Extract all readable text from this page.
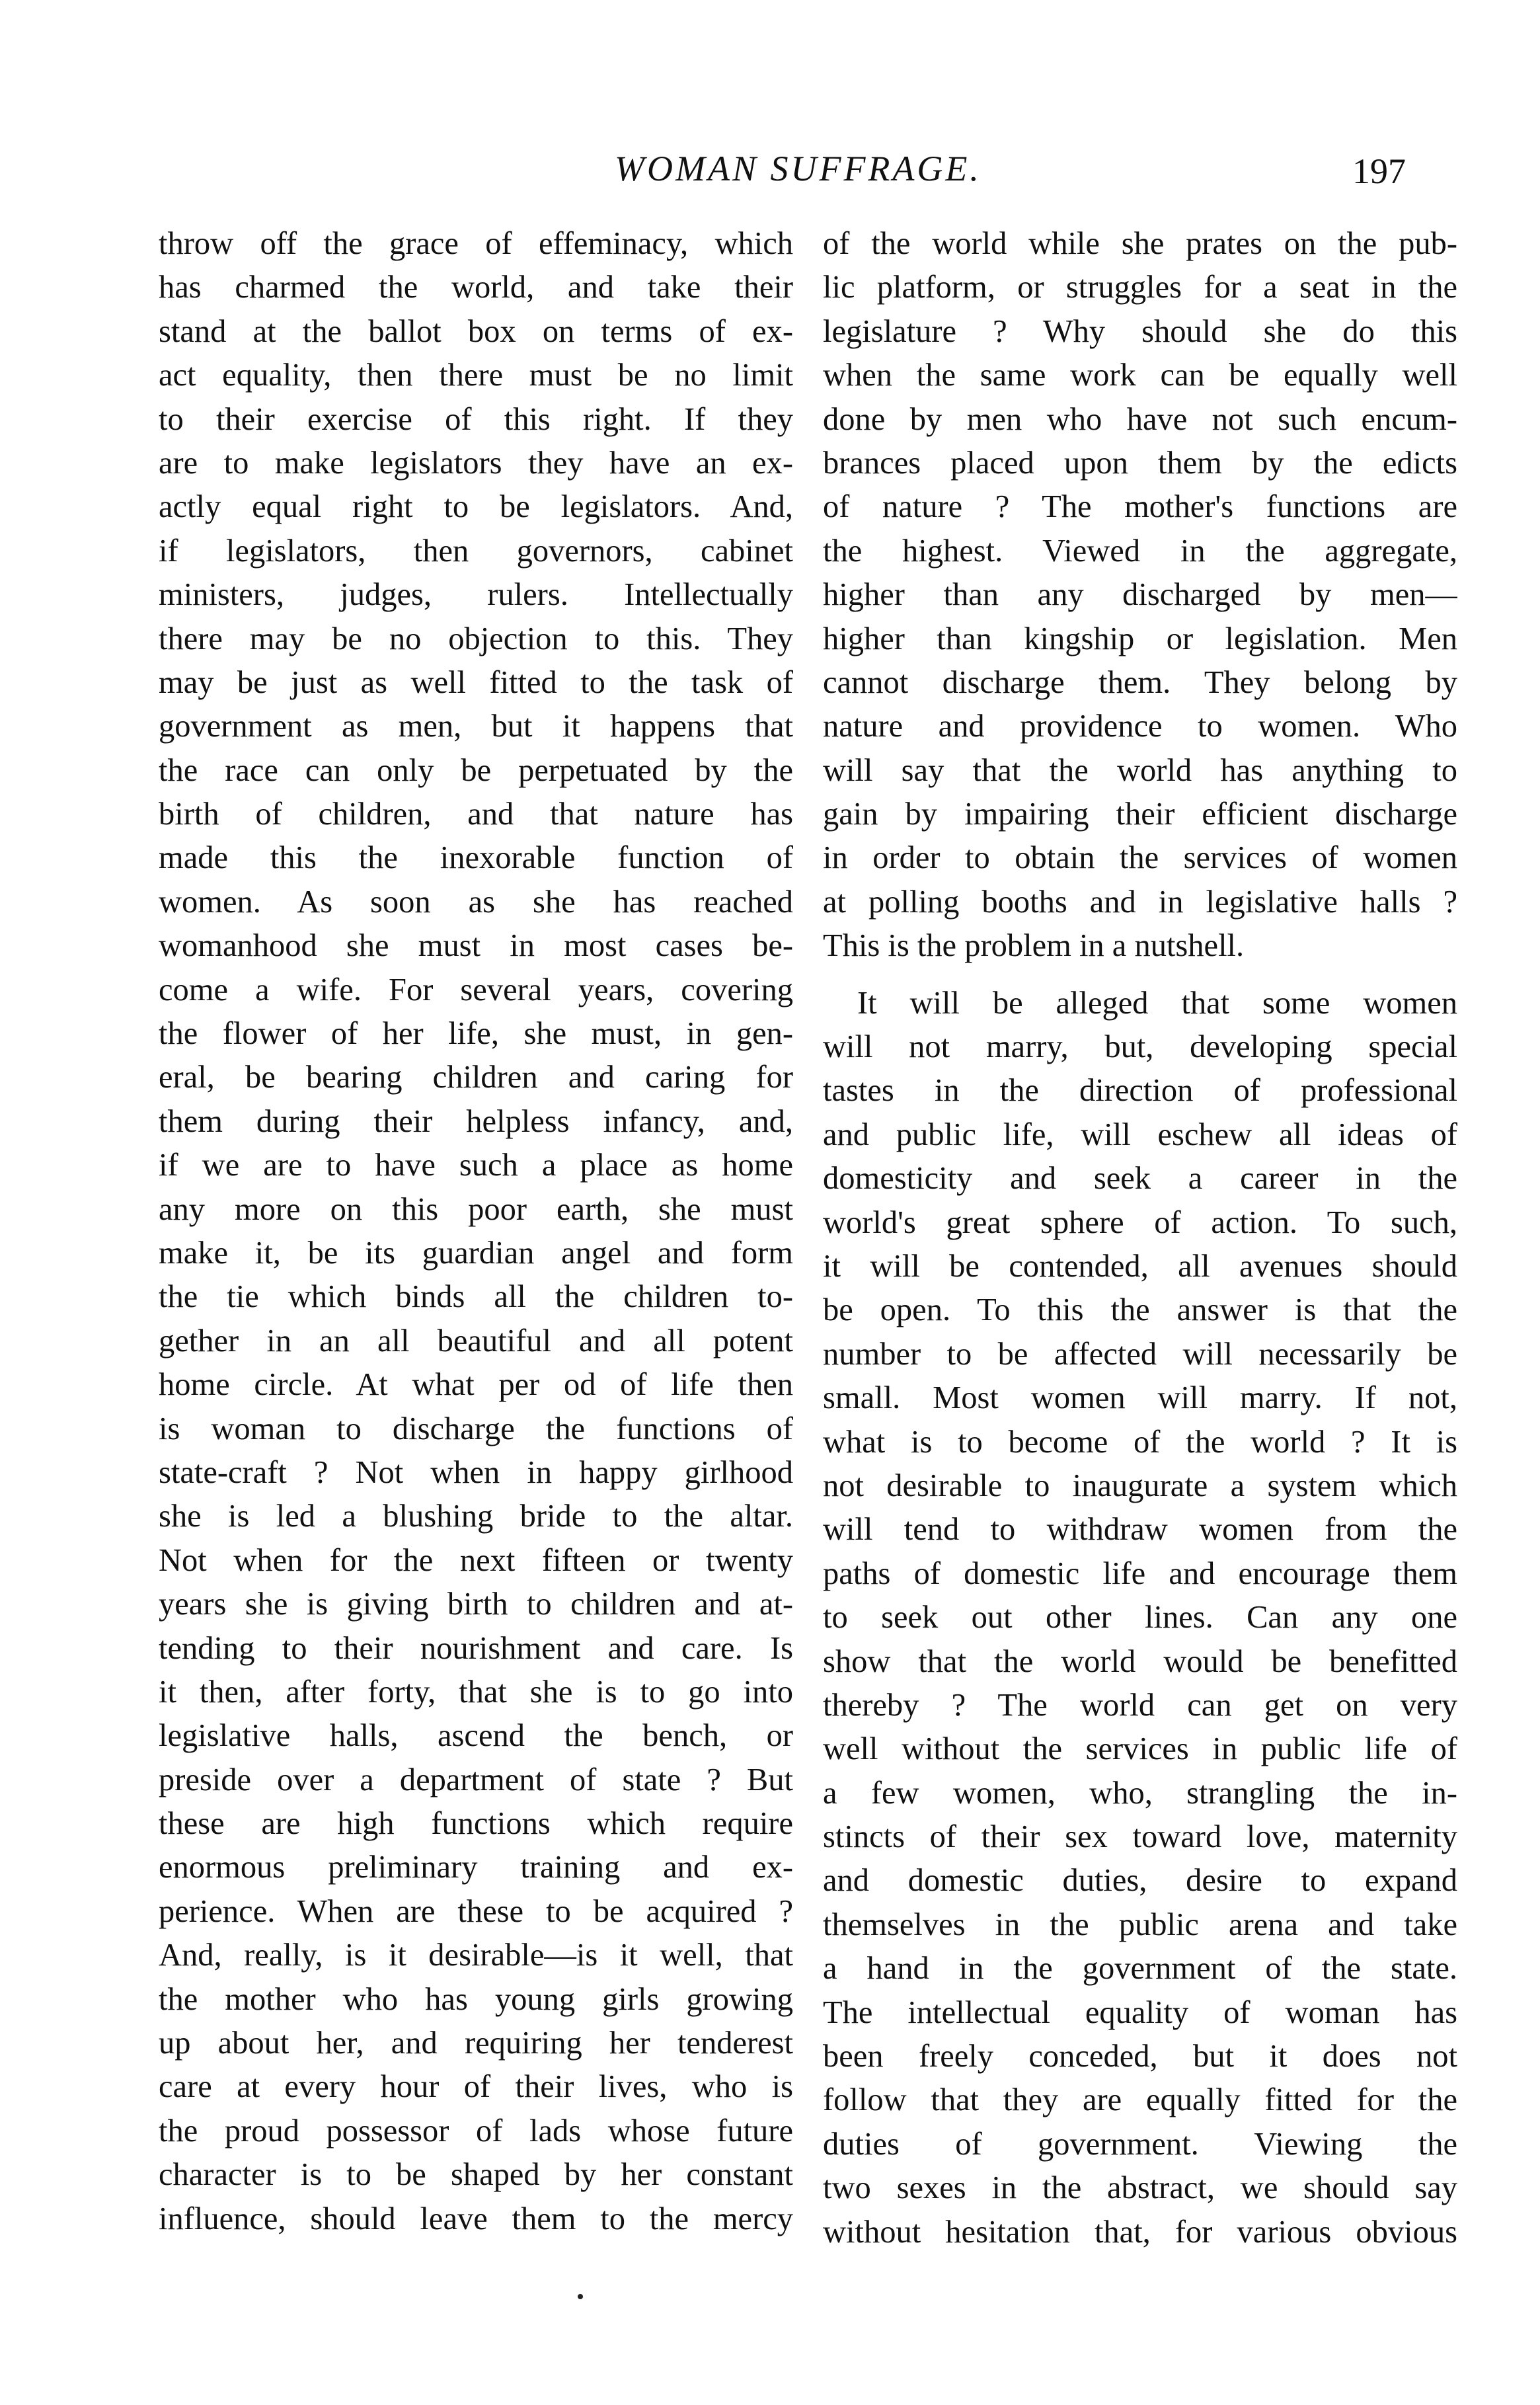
WOMAN SUFFRAGE.	197
throw off the grace of effeminacy, which
has charmed the world, and take their
stand at the ballot box on terms of ex-
act equality, then there must be no limit
to their exercise of this right. If they
are to make legislators they have an ex-
actly equal right to be legislators. And,
if legislators, then governors, cabinet
ministers, judges, rulers. Intellectually
there may be no objection to this. They
may be just as well fitted to the task of
government as men, but it happens that
the race can only be perpetuated by the
birth of children, and that nature has
made this the inexorable function of
women. As soon as she has reached
womanhood she must in most cases be-
come a wife. For several years, covering
the flower of her life, she must, in gen-
eral, be bearing children and caring for
them during their helpless infancy, and,
if we are to have such a place as home
any more on this poor earth, she must
make it, be its guardian angel and form
the tie which binds all the children to-
gether in an all beautiful and all potent
home circle. At what per od of life then
is woman to discharge the functions of
state-craft ? Not when in happy girlhood
she is led a blushing bride to the altar.
Not when for the next fifteen or twenty
years she is giving birth to children and at-
tending to their nourishment and care. Is
it then, after forty, that she is to go into
legislative halls, ascend the bench, or
preside over a department of state ? But
these are high functions which require
enormous preliminary training and ex-
perience. When are these to be acquired ?
And, really, is it desirable—is it well, that
the mother who has young girls growing
up about her, and requiring her tenderest
care at every hour of their lives, who is
the proud possessor of lads whose future
character is to be shaped by her constant
influence, should leave them to the mercy
of the world while she prates on the pub-
lic platform, or struggles for a seat in the
legislature ? Why should she do this
when the same work can be equally well
done by men who have not such encum-
brances placed upon them by the edicts
of nature ? The mother's functions are
the highest. Viewed in the aggregate,
higher than any discharged by men—
higher than kingship or legislation. Men
cannot discharge them. They belong by
nature and providence to women. Who
will say that the world has anything to
gain by impairing their efficient discharge
in order to obtain the services of women
at polling booths and in legislative halls ?
This is the problem in a nutshell.
It will be alleged that some women
will not marry, but, developing special
tastes in the direction of professional
and public life, will eschew all ideas of
domesticity and seek a career in the
world's great sphere of action. To such,
it will be contended, all avenues should
be open. To this the answer is that the
number to be affected will necessarily be
small. Most women will marry. If not,
what is to become of the world ? It is
not desirable to inaugurate a system which
will tend to withdraw women from the
paths of domestic life and encourage them
to seek out other lines. Can any one
show that the world would be benefitted
thereby ? The world can get on very
well without the services in public life of
a few women, who, strangling the in-
stincts of their sex toward love, maternity
and domestic duties, desire to expand
themselves in the public arena and take
a hand in the government of the state.
The intellectual equality of woman has
been freely conceded, but it does not
follow that they are equally fitted for the
duties of government. Viewing the
two sexes in the abstract, we should say
without hesitation that, for various obvious
